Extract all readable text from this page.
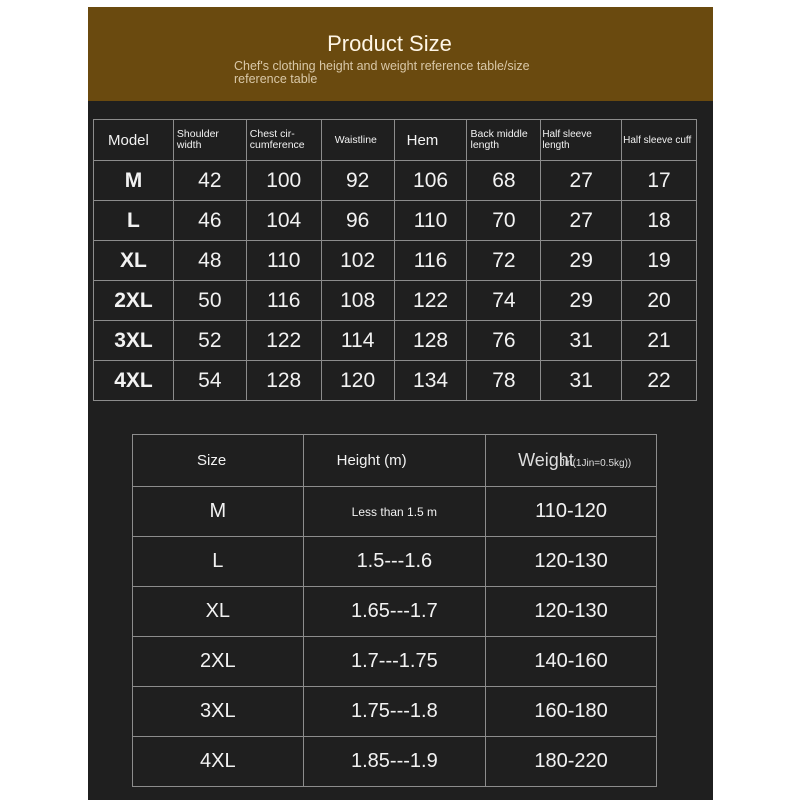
Product Size
Chef's clothing height and weight reference table/size reference table
Model	Shoulder width	Chest cir-cumference	Waistline	Hem	Back middle length	Half sleeve length	Half sleeve cuff
M	42	100	92	106	68	27	17
L	46	104	96	110	70	27	18
XL	48	110	102	116	72	29	19
2XL	50	116	108	122	74	29	20
3XL	52	122	114	128	76	31	21
4XL	54	128	120	134	78	31	22
Size	Height (m)	WeightJin(1Jin=0.5kg))
M	Less than 1.5 m	110-120
L	1.5---1.6	120-130
XL	1.65---1.7	120-130
2XL	1.7---1.75	140-160
3XL	1.75---1.8	160-180
4XL	1.85---1.9	180-220
